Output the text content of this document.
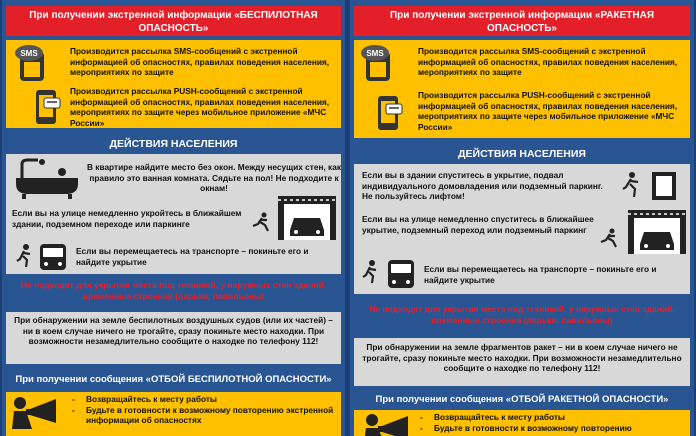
При получении экстренной информации «БЕСПИЛОТНАЯ ОПАСНОСТЬ»
SMS	Производится рассылка SMS-сообщений с экстренной информацией об опасностях, правилах поведения населения, мероприятиях по защите
Производится рассылка PUSH-сообщений с экстренной информацией об опасностях, правилах поведения населения, мероприятиях по защите через мобильное приложение «МЧС России»
ДЕЙСТВИЯ НАСЕЛЕНИЯ
В квартире найдите место без окон. Между несущих стен, как правило это ванная комната. Сядьте на пол! Не подходите к окнам!
Если вы на улице немедленно укройтесь в ближайшем здании, подземном переходе или паркинге
Если вы перемещаетесь на транспорте – покиньте его и найдите укрытие
Не подходят для укрытия места под техникой, у наружных стен зданий, временные строения (ларьки, павильоны)
При обнаружении на земле беспилотных воздушных судов (или их частей) – ни в коем случае ничего не трогайте, сразу покиньте место находки. При возможности незамедлительно сообщите о находке по телефону 112!
При получении сообщения «ОТБОЙ БЕСПИЛОТНОЙ ОПАСНОСТИ»
- Возвращайтесь к месту работы
- Будьте в готовности к возможному повторению экстренной информации об опасностях
При получении экстренной информации «РАКЕТНАЯ ОПАСНОСТЬ»
SMS	Производится рассылка SMS-сообщений с экстренной информацией об опасностях, правилах поведения населения, мероприятиях по защите
Производится рассылка PUSH-сообщений с экстренной информацией об опасностях, правилах поведения населения, мероприятиях по защите через мобильное приложение «МЧС России»
ДЕЙСТВИЯ НАСЕЛЕНИЯ
Если вы в здании спуститесь в укрытие, подвал индивидуального домовладения или подземный паркинг. Не пользуйтесь лифтом!
Если вы на улице немедленно спуститесь в ближайшее укрытие, подземный переход или подземный паркинг
Если вы перемещаетесь на транспорте – покиньте его и найдите укрытие
Не подходят для укрытия места под техникой, у наружных стен зданий, временные строения (ларьки, павильоны)
При обнаружении на земле фрагментов ракет – ни в коем случае ничего не трогайте, сразу покиньте место находки. При возможности незамедлительно сообщите о находке по телефону 112!
При получении сообщения «ОТБОЙ РАКЕТНОЙ ОПАСНОСТИ»
- Возвращайтесь к месту работы
- Будьте в готовности к возможному повторению
